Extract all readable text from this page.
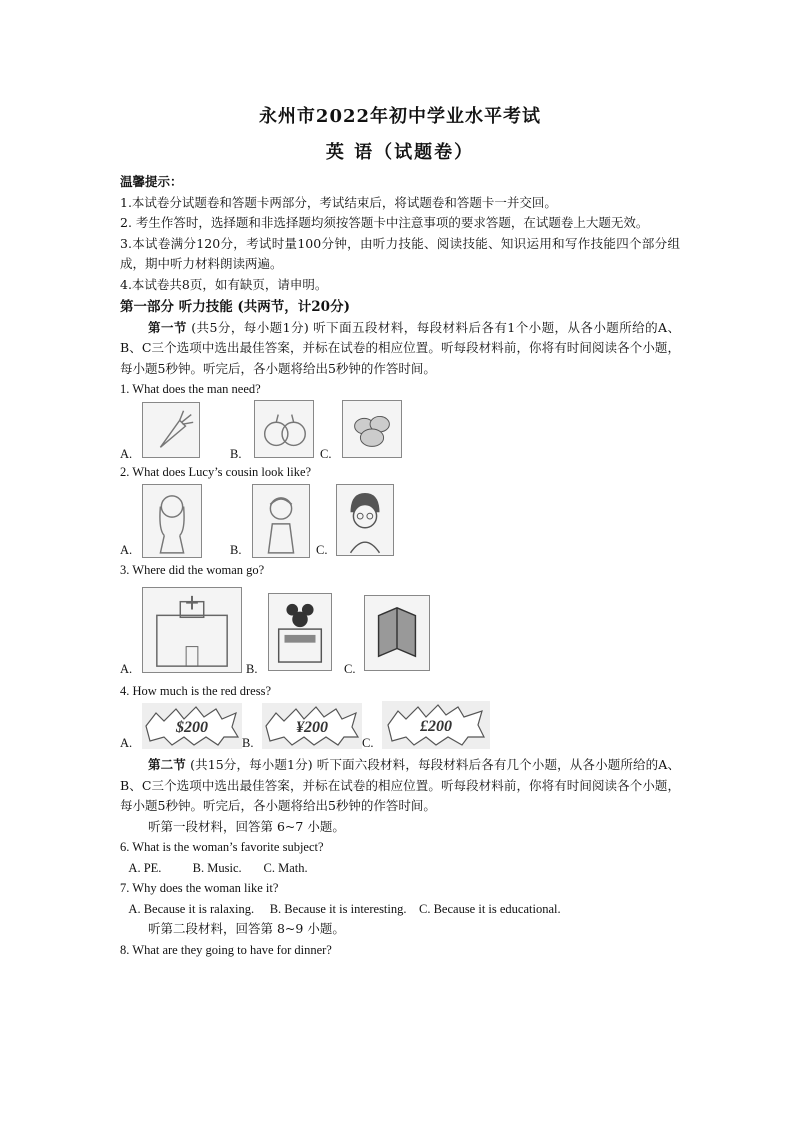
永州市2022年初中学业水平考试
英 语（试题卷）
温馨提示：

1.本试卷分试题卷和答题卡两部分，考试结束后，将试题卷和答题卡一并交回。

2. 考生作答时，选择题和非选择题均须按答题卡中注意事项的要求答题，在试题卷上大题无效。

3.本试卷满分120分，考试时量100分钟，由听力技能、阅读技能、知识运用和写作技能四个部分组成，期中听力材料朗读两遍。

4.本试卷共8页，如有缺页，请申明。

第一部分 听力技能 (共两节，计20分)

第一节 (共5分，每小题1分) 听下面五段材料，每段材料后各有1个小题，从各小题所给的A、B、C三个选项中选出最佳答案，并标在试卷的相应位置。听每段材料前，你将有时间阅读各个小题，每小题5秒钟。听完后，各小题将给出5秒钟的作答时间。

1. What does the man need?

A.	B.	C.

2. What does Lucy’s cousin look like?

A.	B.	C.

3. Where did the woman go?

A.	B.	C.

4. How much is the red dress?

A.
$200
B.
¥200
C.
£200

第二节 (共15分，每小题1分) 听下面六段材料，每段材料后各有几个小题，从各小题所给的A、B、C三个选项中选出最佳答案，并标在试卷的相应位置。听每段材料前，你将有时间阅读各个小题，每小题5秒钟。听完后，各小题将给出5秒钟的作答时间。

听第一段材料，回答第 6~7 小题。

6. What is the woman’s favorite subject?

A. PE.          B. Music.       C. Math.

7. Why does the woman like it?

A. Because it is ralaxing.     B. Because it is interesting.    C. Because it is educational.

听第二段材料，回答第 8~9 小题。

8. What are they going to have for dinner?
